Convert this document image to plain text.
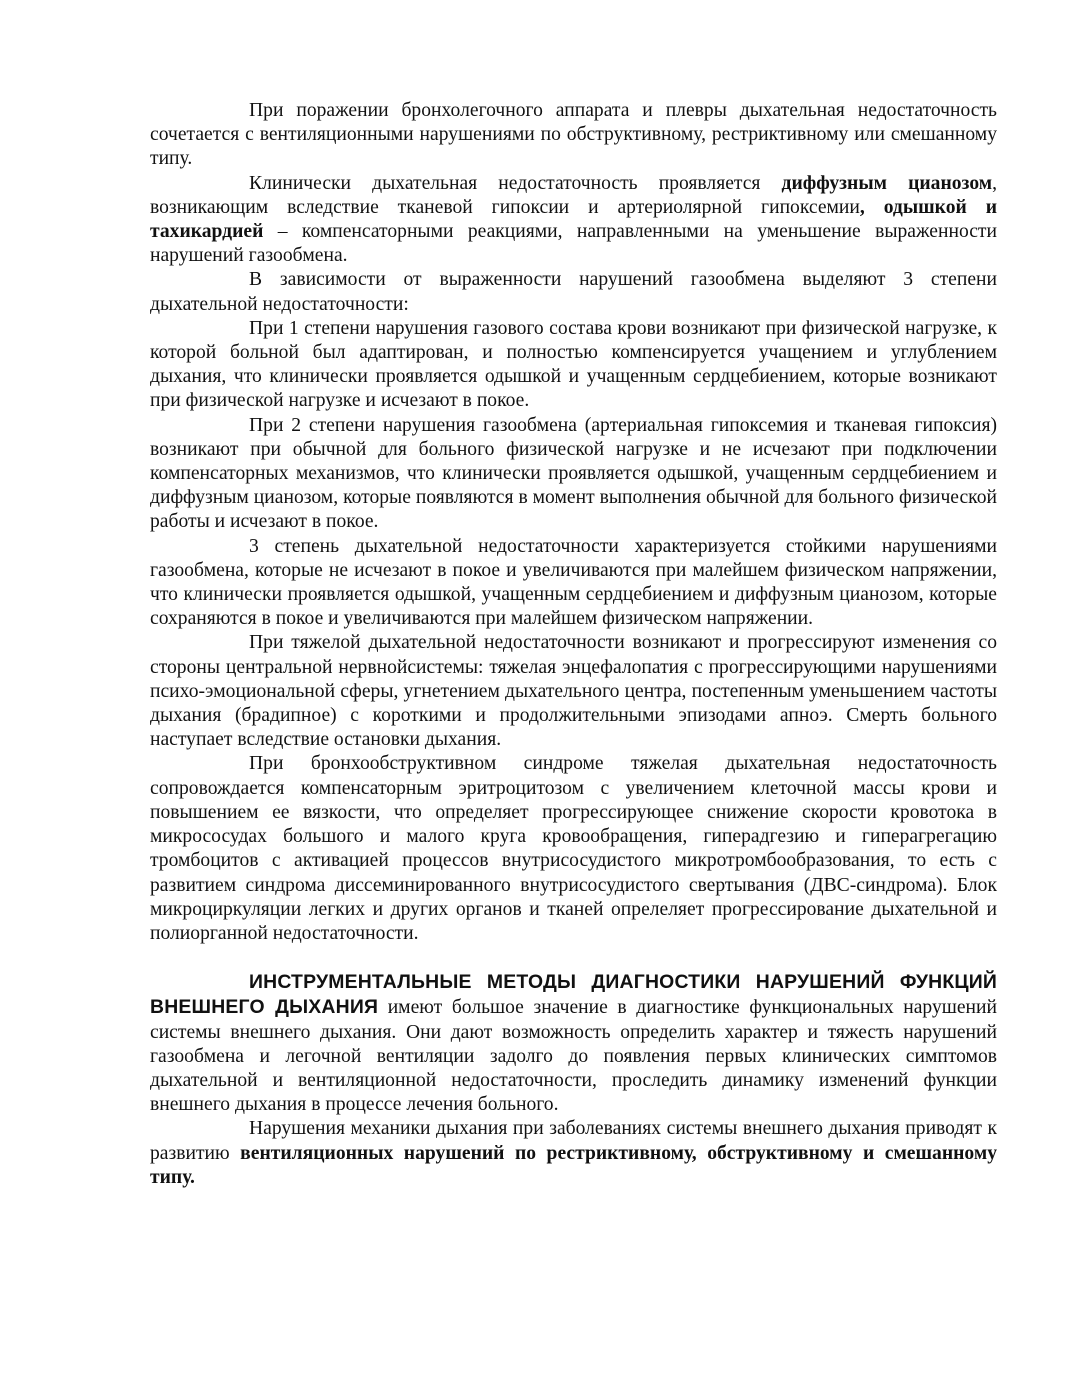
При поражении бронхолегочного аппарата и плевры дыхательная недостаточность сочетается с вентиляционными нарушениями по обструктивному, рестриктивному или смешанному типу.

Клинически дыхательная недостаточность проявляется диффузным цианозом, возникающим вследствие тканевой гипоксии и артериолярной гипоксемии, одышкой и тахикардией – компенсаторными реакциями, направленными на уменьшение выраженности нарушений газообмена.

В зависимости от выраженности нарушений газообмена выделяют 3 степени дыхательной недостаточности:

При 1 степени нарушения газового состава крови возникают при физической нагрузке, к которой больной был адаптирован, и полностью компенсируется учащением и углублением дыхания, что клинически проявляется одышкой и учащенным сердцебиением, которые возникают при физической нагрузке и исчезают в покое.

При 2 степени нарушения газообмена (артериальная гипоксемия и тканевая гипоксия) возникают при обычной для больного физической нагрузке и не исчезают при подключении компенсаторных механизмов, что клинически проявляется одышкой, учащенным сердцебиением и диффузным цианозом, которые появляются в момент выполнения обычной для больного физической работы и исчезают в покое.

3 степень дыхательной недостаточности характеризуется стойкими нарушениями газообмена, которые не исчезают в покое и увеличиваются при малейшем физическом напряжении, что клинически проявляется одышкой, учащенным сердцебиением и диффузным цианозом, которые сохраняются в покое и увеличиваются при малейшем физическом напряжении.

При тяжелой дыхательной недостаточности возникают и прогрессируют изменения со стороны центральной нервнойсистемы: тяжелая энцефалопатия с прогрессирующими нарушениями психо-эмоциональной сферы, угнетением дыхательного центра, постепенным уменьшением частоты дыхания (брадипное) с короткими и продолжительными эпизодами апноэ. Смерть больного наступает вследствие остановки дыхания.

При бронхообструктивном синдроме тяжелая дыхательная недостаточность сопровождается компенсаторным эритроцитозом с увеличением клеточной массы крови и повышением ее вязкости, что определяет прогрессирующее снижение скорости кровотока в микрососудах большого и малого круга кровообращения, гиперадгезию и гиперагрегацию тромбоцитов с активацией процессов внутрисосудистого микротромбообразования, то есть с развитием синдрома диссеминированного внутрисосудистого свертывания (ДВС-синдрома). Блок микроциркуляции легких и других органов и тканей опрелеляет прогрессирование дыхательной и полиорганной недостаточности.

ИНСТРУМЕНТАЛЬНЫЕ МЕТОДЫ ДИАГНОСТИКИ НАРУШЕНИЙ ФУНКЦИЙ ВНЕШНЕГО ДЫХАНИЯ имеют большое значение в диагностике функциональных нарушений системы внешнего дыхания. Они дают возможность определить характер и тяжесть нарушений газообмена и легочной вентиляции задолго до появления первых клинических симптомов дыхательной и вентиляционной недостаточности, проследить динамику изменений функции внешнего дыхания в процессе лечения больного.

Нарушения механики дыхания при заболеваниях системы внешнего дыхания приводят к развитию вентиляционных нарушений по рестриктивному, обструктивному и смешанному типу.
